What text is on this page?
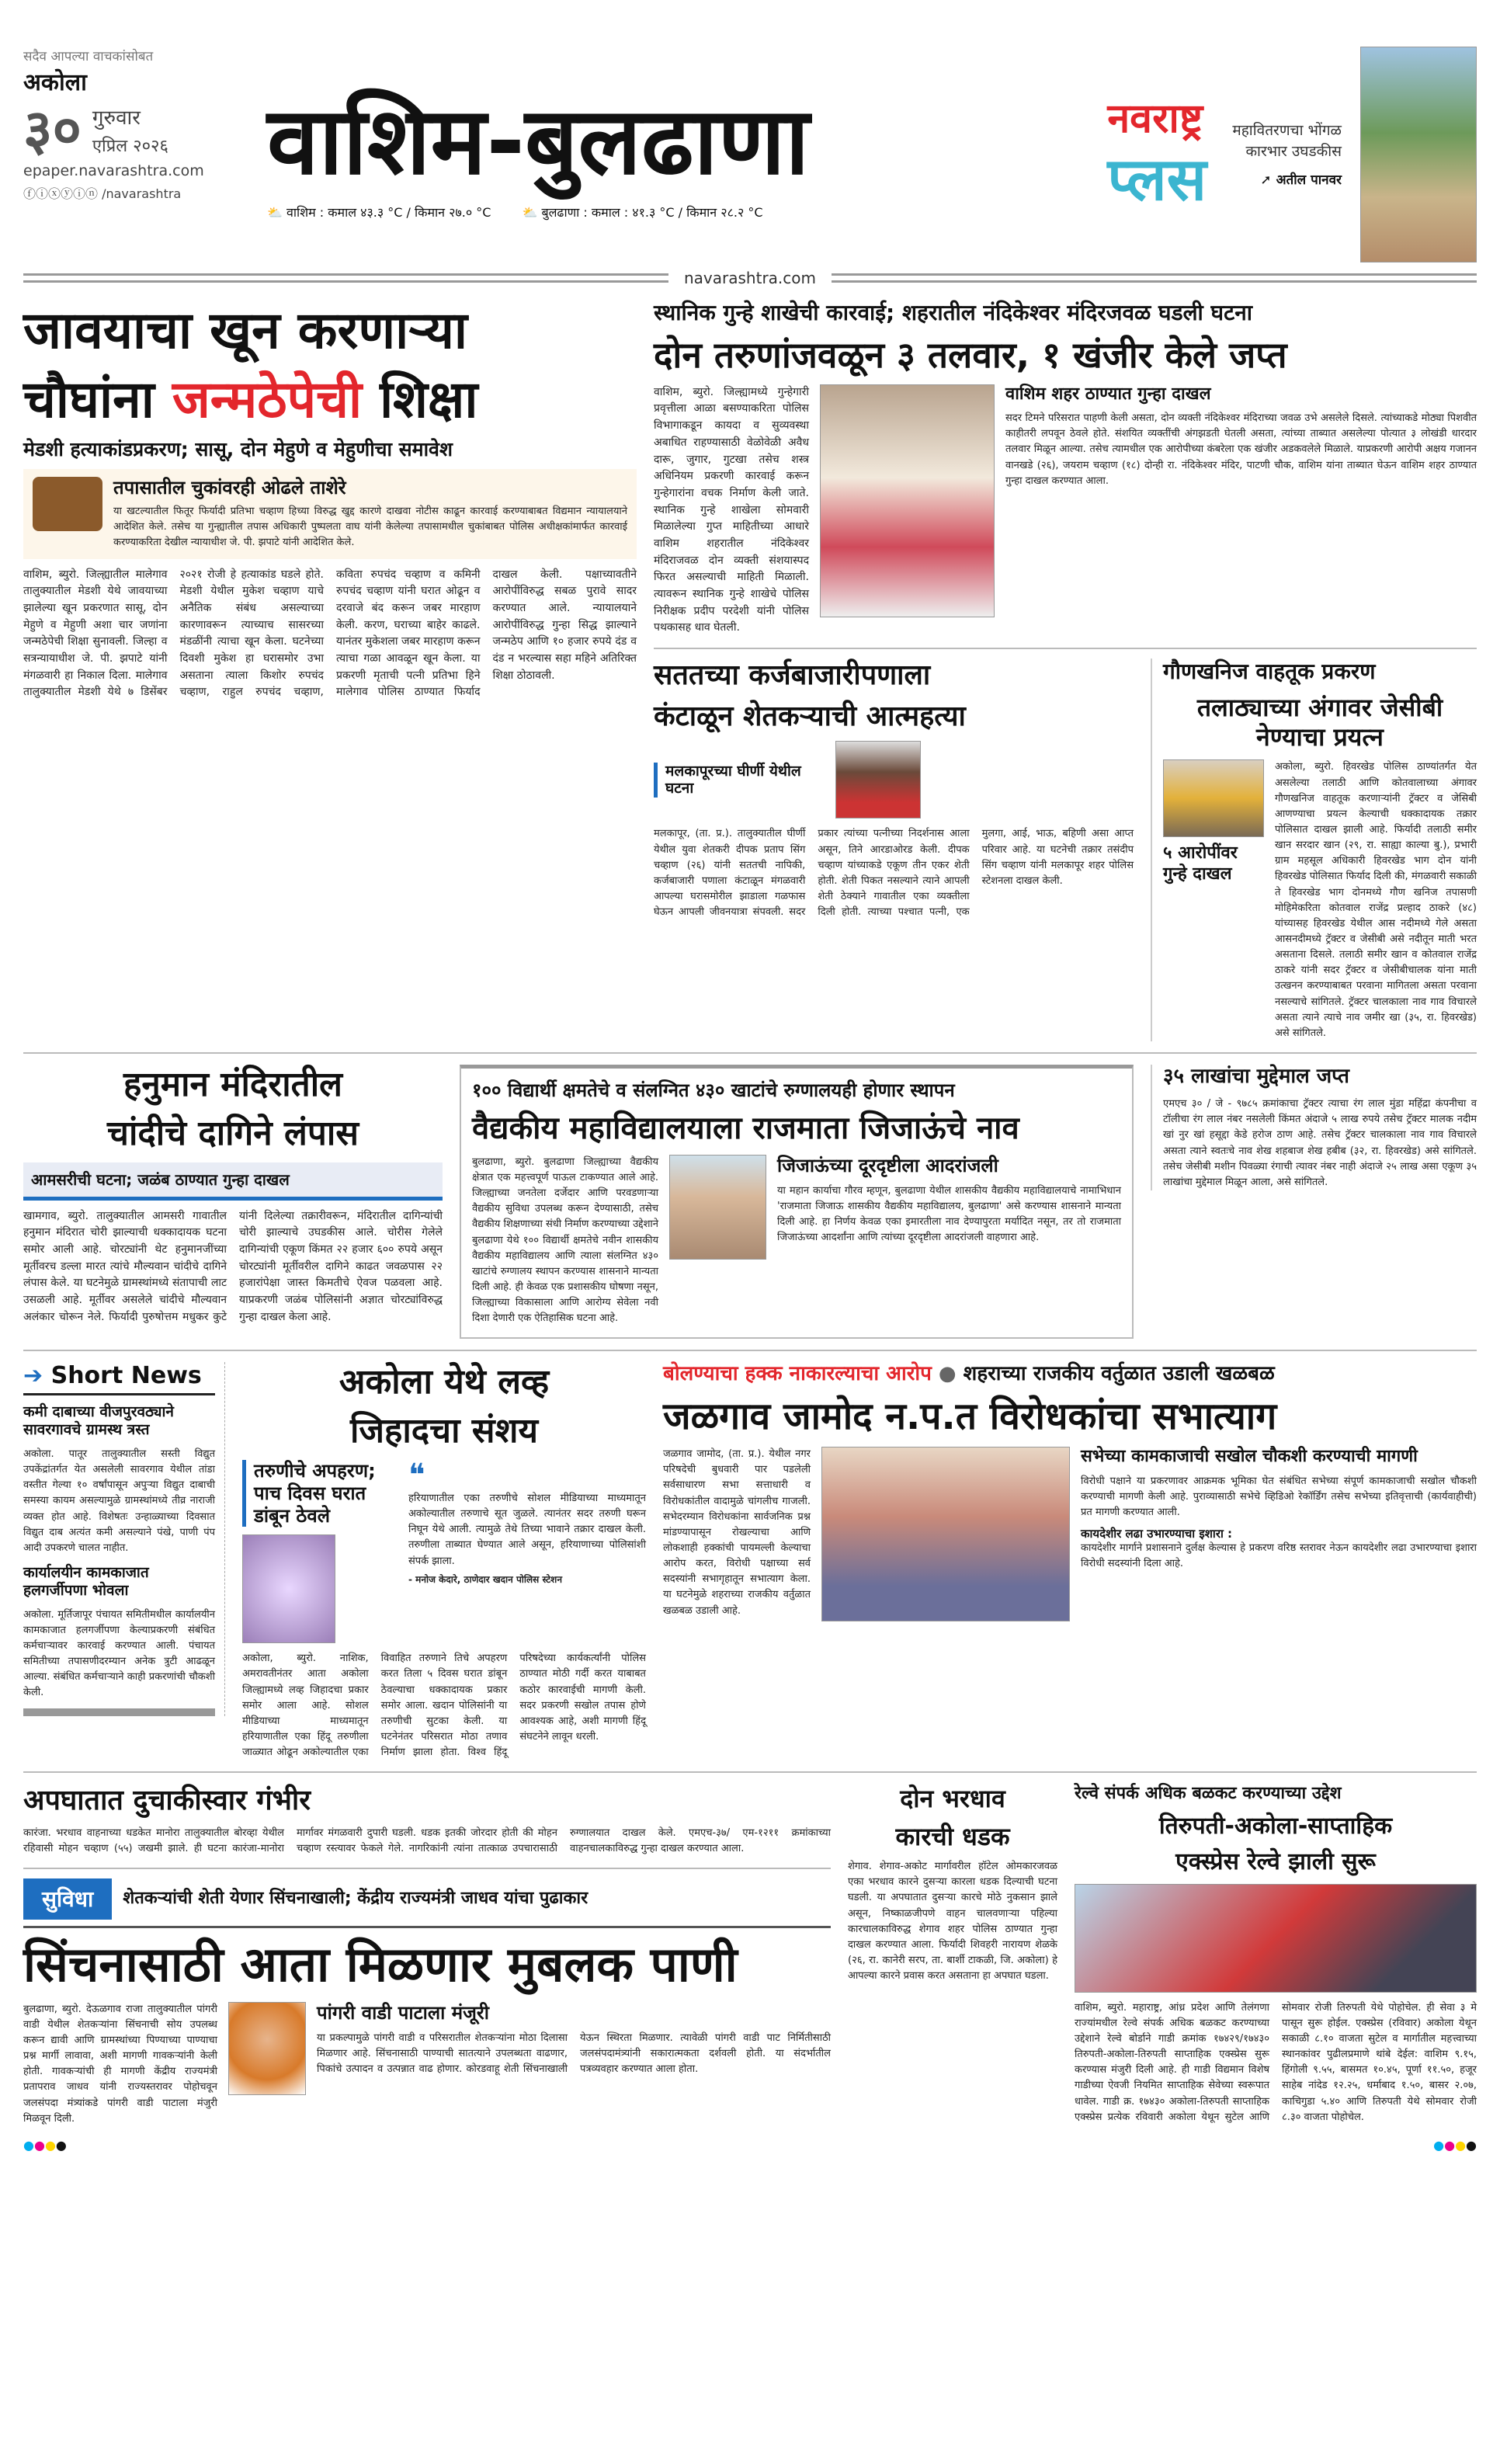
सदैव आपल्या वाचकांसोबत
अकोला
३० गुरुवार
एप्रिल २०२६
epaper.navarashtra.com
ⓕⓘⓧⓨⓘⓝ /navarashtra वाशिम-बुलढाणा
⛅ वाशिम : कमाल ४३.३ °C / किमान २७.० °C	⛅ बुलढाणा : कमाल : ४१.३ °C / किमान २८.२ °C
नवराष्ट्र
प्लस
महावितरणचा भोंगळ कारभार उघडकीस
➚ अतील पानवर
navarashtra.com
जावयाचा खून करणाऱ्या
चौघांना जन्मठेपेची शिक्षा
मेडशी हत्याकांडप्रकरण; सासू, दोन मेहुणे व मेहुणीचा समावेश
तपासातील चुकांवरही ओढले ताशेरे
या खटल्यातील फितूर फिर्यादी प्रतिभा चव्हाण हिच्या विरुद्ध खुद्द कारणे दाखवा नोटीस काढून कारवाई करण्याबाबत विद्यमान न्यायालयाने आदेशित केले. तसेच या गुन्ह्यातील तपास अधिकारी पुष्पलता वाघ यांनी केलेल्या तपासामधील चुकांबाबत पोलिस अधीक्षकांमार्फत कारवाई करण्याकरिता देखील न्यायाधीश जे. पी. झपाटे यांनी आदेशित केले.
वाशिम, ब्युरो. जिल्ह्यातील मालेगाव तालुक्यातील मेडशी येथे जावयाच्या झालेल्या खून प्रकरणात सासू, दोन मेहुणे व मेहुणी अशा चार जणांना जन्मठेपेची शिक्षा सुनावली. जिल्हा व सत्रन्यायाधीश जे. पी. झपाटे यांनी मंगळवारी हा निकाल दिला. मालेगाव तालुक्यातील मेडशी येथे ७ डिसेंबर २०२१ रोजी हे हत्याकांड घडले होते. मेडशी येथील मुकेश चव्हाण याचे अनैतिक संबंध असल्याच्या कारणावरून त्याच्याच सासरच्या मंडळींनी त्याचा खून केला. घटनेच्या दिवशी मुकेश हा घरासमोर उभा असताना त्याला किशोर रुपचंद चव्हाण, राहुल रुपचंद चव्हाण, कविता रुपचंद चव्हाण व कमिनी रुपचंद चव्हाण यांनी घरात ओढून व दरवाजे बंद करून जबर मारहाण केली. करण, घराच्या बाहेर काढले. यानंतर मुकेशला जबर मारहाण करून त्याचा गळा आवळून खून केला. या प्रकरणी मृताची पत्नी प्रतिभा हिने मालेगाव पोलिस ठाण्यात फिर्याद दाखल केली. पक्षाच्यावतीने आरोपींविरुद्ध सबळ पुरावे सादर करण्यात आले. न्यायालयाने आरोपींविरुद्ध गुन्हा सिद्ध झाल्याने जन्मठेप आणि १० हजार रुपये दंड व दंड न भरल्यास सहा महिने अतिरिक्त शिक्षा ठोठावली.
स्थानिक गुन्हे शाखेची कारवाई; शहरातील नंदिकेश्वर मंदिरजवळ घडली घटना
दोन तरुणांजवळून ३ तलवार, १ खंजीर केले जप्त
वाशिम, ब्युरो. जिल्ह्यामध्ये गुन्हेगारी प्रवृत्तीला आळा बसण्याकरिता पोलिस विभागाकडून कायदा व सुव्यवस्था अबाधित राहण्यासाठी वेळोवेळी अवैध दारू, जुगार, गुटखा तसेच शस्त्र अधिनियम प्रकरणी कारवाई करून गुन्हेगारांना वचक निर्माण केली जाते. स्थानिक गुन्हे शाखेला सोमवारी मिळालेल्या गुप्त माहितीच्या आधारे वाशिम शहरातील नंदिकेश्वर मंदिराजवळ दोन व्यक्ती संशयास्पद फिरत असल्याची माहिती मिळाली. त्यावरून स्थानिक गुन्हे शाखेचे पोलिस निरीक्षक प्रदीप परदेशी यांनी पोलिस पथकासह धाव घेतली.
वाशिम शहर ठाण्यात गुन्हा दाखल
सदर टिमने परिसरात पाहणी केली असता, दोन व्यक्ती नंदिकेश्वर मंदिराच्या जवळ उभे असलेले दिसले. त्यांच्याकडे मोठ्या पिशवीत काहीतरी लपवून ठेवले होते. संशयित व्यक्तींची अंगझडती घेतली असता, त्यांच्या ताब्यात असलेल्या पोत्यात ३ लोखंडी धारदार तलवार मिळून आल्या. तसेच त्यामधील एक आरोपीच्या कंबरेला एक खंजीर अडकवलेले मिळाले. याप्रकरणी आरोपी अक्षय गजानन वानखडे (२६), जयराम चव्हाण (१८) दोन्ही रा. नंदिकेश्वर मंदिर, पाटणी चौक, वाशिम यांना ताब्यात घेऊन वाशिम शहर ठाण्यात गुन्हा दाखल करण्यात आला.
सततच्या कर्जबाजारीपणाला
कंटाळून शेतकऱ्याची आत्महत्या
मलकापूरच्या घीर्णी येथील घटना
मलकापूर, (ता. प्र.). तालुक्यातील घीर्णी येथील युवा शेतकरी दीपक प्रताप सिंग चव्हाण (२६) यांनी सततची नापिकी, कर्जबाजारी पणाला कंटाळून मंगळवारी आपल्या घरासमोरील झाडाला गळफास घेऊन आपली जीवनयात्रा संपवली. सदर प्रकार त्यांच्या पत्नीच्या निदर्शनास आला असून, तिने आरडाओरड केली. दीपक चव्हाण यांच्याकडे एकूण तीन एकर शेती होती. शेती पिकत नसल्याने त्याने आपली शेती ठेक्याने गावातील एका व्यक्तीला दिली होती. त्याच्या पश्चात पत्नी, एक मुलगा, आई, भाऊ, बहिणी असा आप्त परिवार आहे. या घटनेची तक्रार तसंदीप सिंग चव्हाण यांनी मलकापूर शहर पोलिस स्टेशनला दाखल केली.
गौणखनिज वाहतूक प्रकरण
तलाठ्याच्या अंगावर जेसीबी नेण्याचा प्रयत्न
५ आरोपींवर गुन्हे दाखल
अकोला, ब्युरो. हिवरखेड पोलिस ठाण्यांतर्गत येत असलेल्या तलाठी आणि कोतवालाच्या अंगावर गौणखनिज वाहतूक करणाऱ्यांनी ट्रॅक्टर व जेसिबी आणण्याचा प्रयत्न केल्याची धक्कादायक तक्रार पोलिसात दाखल झाली आहे. फिर्यादी तलाठी समीर खान सरदार खान (२९, रा. साह्या काल्या बु.), प्रभारी ग्राम महसूल अधिकारी हिवरखेड भाग दोन यांनी हिवरखेड पोलिसात फिर्याद दिली की, मंगळवारी सकाळी ते हिवरखेड भाग दोनमध्ये गौण खनिज तपासणी मोहिमेकरिता कोतवाल राजेंद्र प्रल्हाद ठाकरे (४८) यांच्यासह हिवरखेड येथील आस नदीमध्ये गेले असता आसनदीमध्ये ट्रॅक्टर व जेसीबी असे नदीतून माती भरत असताना दिसले. तलाठी समीर खान व कोतवाल राजेंद्र ठाकरे यांनी सदर ट्रॅक्टर व जेसीबीचालक यांना माती उत्खनन करण्याबाबत परवाना मागितला असता परवाना नसल्याचे सांगितले. ट्रॅक्टर चालकाला नाव गाव विचारले असता त्याने त्याचे नाव जमीर खा (३५, रा. हिवरखेड) असे सांगितले.
हनुमान मंदिरातील
चांदीचे दागिने लंपास
आमसरीची घटना; जळंब ठाण्यात गुन्हा दाखल
खामगाव, ब्युरो. तालुक्यातील आमसरी गावातील हनुमान मंदिरात चोरी झाल्याची धक्कादायक घटना समोर आली आहे. चोरट्यांनी थेट हनुमानजींच्या मूर्तीवरच डल्ला मारत त्यांचे मौल्यवान चांदीचे दागिने लंपास केले. या घटनेमुळे ग्रामस्थांमध्ये संतापाची लाट उसळली आहे. मूर्तीवर असलेले चांदीचे मौल्यवान अलंकार चोरून नेले. फिर्यादी पुरुषोत्तम मधुकर कुटे यांनी दिलेल्या तक्रारीवरून, मंदिरातील दागिन्यांची चोरी झाल्याचे उघडकीस आले. चोरीस गेलेले दागिन्यांची एकूण किंमत २२ हजार ६०० रुपये असून चोरट्यांनी मूर्तीवरील दागिने काढत जवळपास २२ हजारांपेक्षा जास्त किमतीचे ऐवज पळवला आहे. याप्रकरणी जळंब पोलिसांनी अज्ञात चोरट्यांविरुद्ध गुन्हा दाखल केला आहे.
१०० विद्यार्थी क्षमतेचे व संलग्नित ४३० खाटांचे रुग्णालयही होणार स्थापन
वैद्यकीय महाविद्यालयाला राजमाता जिजाऊंचे नाव
बुलढाणा, ब्युरो. बुलढाणा जिल्ह्याच्या वैद्यकीय क्षेत्रात एक महत्त्वपूर्ण पाऊल टाकण्यात आले आहे. जिल्ह्याच्या जनतेला दर्जेदार आणि परवडणाऱ्या वैद्यकीय सुविधा उपलब्ध करून देण्यासाठी, तसेच वैद्यकीय शिक्षणाच्या संधी निर्माण करण्याच्या उद्देशाने बुलढाणा येथे १०० विद्यार्थी क्षमतेचे नवीन शासकीय वैद्यकीय महाविद्यालय आणि त्याला संलग्नित ४३० खाटांचे रुग्णालय स्थापन करण्यास शासनाने मान्यता दिली आहे. ही केवळ एक प्रशासकीय घोषणा नसून, जिल्ह्याच्या विकासाला आणि आरोग्य सेवेला नवी दिशा देणारी एक ऐतिहासिक घटना आहे.
जिजाऊंच्या दूरदृष्टीला आदरांजली
या महान कार्याचा गौरव म्हणून, बुलढाणा येथील शासकीय वैद्यकीय महाविद्यालयाचे नामाभिधान 'राजमाता जिजाऊ शासकीय वैद्यकीय महाविद्यालय, बुलढाणा' असे करण्यास शासनाने मान्यता दिली आहे. हा निर्णय केवळ एका इमारतीला नाव देण्यापुरता मर्यादित नसून, तर तो राजमाता जिजाऊंच्या आदर्शांना आणि त्यांच्या दूरदृष्टीला आदरांजली वाहणारा आहे.
३५ लाखांचा मुद्देमाल जप्त
एमएच ३० / जे - ९७८५ क्रमांकाचा ट्रॅक्टर त्याचा रंग लाल मुंडा महिंद्रा कंपनीचा व टॉलीचा रंग लाल नंबर नसलेली किंमत अंदाजे ५ लाख रुपये तसेच ट्रॅक्टर मालक नदीम खां नुर खां हसूद्दा केडे हरोज ठाण आहे. तसेच ट्रॅक्टर चालकाला नाव गाव विचारले असता त्याने स्वतःचे नाव शेख शहबाज शेख हबीब (३२, रा. हिवरखेड) असे सांगितले. तसेच जेसीबी मशीन पिवळ्या रंगाची त्यावर नंबर नाही अंदाजे २५ लाख असा एकूण ३५ लाखांचा मुद्देमाल मिळून आला, असे सांगितले.
➔ Short News
कमी दाबाच्या वीजपुरवठ्याने सावरगावचे ग्रामस्थ त्रस्त
अकोला. पातूर तालुक्यातील सस्ती विद्युत उपकेंद्रांतर्गत येत असलेली सावरगाव येथील तांडा वस्तीत गेल्या १० वर्षांपासून अपुऱ्या विद्युत दाबाची समस्या कायम असल्यामुळे ग्रामस्थांमध्ये तीव्र नाराजी व्यक्त होत आहे. विशेषतः उन्हाळ्याच्या दिवसात विद्युत दाब अत्यंत कमी असल्याने पंखे, पाणी पंप आदी उपकरणे चालत नाहीत.
कार्यालयीन कामकाजात हलगर्जीपणा भोवला
अकोला. मूर्तिजापूर पंचायत समितीमधील कार्यालयीन कामकाजात हलगर्जीपणा केल्याप्रकरणी संबंधित कर्मचाऱ्यावर कारवाई करण्यात आली. पंचायत समितीच्या तपासणीदरम्यान अनेक त्रुटी आढळून आल्या. संबंधित कर्मचाऱ्याने काही प्रकरणांची चौकशी केली.
अकोला येथे लव्ह
जिहादचा संशय
तरुणीचे अपहरण; पाच दिवस घरात डांबून ठेवले
❝
हरियाणातील एका तरुणीचे सोशल मीडियाच्या माध्यमातून अकोल्यातील तरुणाचे सूत जुळले. त्यानंतर सदर तरुणी घरून निघून येथे आली. त्यामुळे तेथे तिच्या भावाने तक्रार दाखल केली. तरुणीला ताब्यात घेण्यात आले असून, हरियाणाच्या पोलिसांशी संपर्क झाला.
- मनोज केदारे, ठाणेदार खदान पोलिस स्टेशन
अकोला, ब्युरो. नाशिक, अमरावतीनंतर आता अकोला जिल्ह्यामध्ये लव्ह जिहादचा प्रकार समोर आला आहे. सोशल मीडियाच्या माध्यमातून हरियाणातील एका हिंदू तरुणीला जाळ्यात ओढून अकोल्यातील एका विवाहित तरुणाने तिचे अपहरण करत तिला ५ दिवस घरात डांबून ठेवल्याचा धक्कादायक प्रकार समोर आला. खदान पोलिसांनी या तरुणीची सुटका केली. या घटनेनंतर परिसरात मोठा तणाव निर्माण झाला होता. विश्व हिंदू परिषदेच्या कार्यकर्त्यांनी पोलिस ठाण्यात मोठी गर्दी करत याबाबत कठोर कारवाईची मागणी केली. सदर प्रकरणी सखोल तपास होणे आवश्यक आहे, अशी मागणी हिंदू संघटनेने लावून धरली.
बोलण्याचा हक्क नाकारल्याचा आरोप ● शहराच्या राजकीय वर्तुळात उडाली खळबळ
जळगाव जामोद न.प.त विरोधकांचा सभात्याग
जळगाव जामोद, (ता. प्र.). येथील नगर परिषदेची बुधवारी पार पडलेली सर्वसाधारण सभा सत्ताधारी व विरोधकांतील वादामुळे चांगलीच गाजली. सभेदरम्यान विरोधकांना सार्वजनिक प्रश्न मांडण्यापासून रोखल्याचा आणि लोकशाही हक्कांची पायमल्ली केल्याचा आरोप करत, विरोधी पक्षाच्या सर्व सदस्यांनी सभागृहातून सभात्याग केला. या घटनेमुळे शहराच्या राजकीय वर्तुळात खळबळ उडाली आहे.
सभेच्या कामकाजाची सखोल चौकशी करण्याची मागणी
विरोधी पक्षाने या प्रकरणावर आक्रमक भूमिका घेत संबंधित सभेच्या संपूर्ण कामकाजाची सखोल चौकशी करण्याची मागणी केली आहे. पुराव्यासाठी सभेचे व्हिडिओ रेकॉर्डिंग तसेच सभेच्या इतिवृत्ताची (कार्यवाहीची) प्रत मागणी करण्यात आली.
कायदेशीर लढा उभारण्याचा इशारा :
कायदेशीर मार्गाने प्रशासनाने दुर्लक्ष केल्यास हे प्रकरण वरिष्ठ स्तरावर नेऊन कायदेशीर लढा उभारण्याचा इशारा विरोधी सदस्यांनी दिला आहे.
अपघातात दुचाकीस्वार गंभीर
कारंजा. भरधाव वाहनाच्या धडकेत मानोरा तालुक्यातील बोरव्हा येथील रहिवासी मोहन चव्हाण (५५) जखमी झाले. ही घटना कारंजा-मानोरा मार्गावर मंगळवारी दुपारी घडली. धडक इतकी जोरदार होती की मोहन चव्हाण रस्त्यावर फेकले गेले. नागरिकांनी त्यांना तात्काळ उपचारासाठी रुग्णालयात दाखल केले. एमएच-३७/ एम-१२११ क्रमांकाच्या वाहनचालकाविरुद्ध गुन्हा दाखल करण्यात आला.
सुविधा	शेतकऱ्यांची शेती येणार सिंचनाखाली; केंद्रीय राज्यमंत्री जाधव यांचा पुढाकार
सिंचनासाठी आता मिळणार मुबलक पाणी
बुलढाणा, ब्युरो. देऊळगाव राजा तालुक्यातील पांगरी वाडी येथील शेतकऱ्यांना सिंचनाची सोय उपलब्ध करून द्यावी आणि ग्रामस्थांच्या पिण्याच्या पाण्याचा प्रश्न मार्गी लावावा, अशी मागणी गावकऱ्यांनी केली होती. गावकऱ्यांची ही मागणी केंद्रीय राज्यमंत्री प्रतापराव जाधव यांनी राज्यस्तरावर पोहोचवून जलसंपदा मंत्र्यांकडे पांगरी वाडी पाटाला मंजुरी मिळवून दिली.
पांगरी वाडी पाटाला मंजूरी
या प्रकल्पामुळे पांगरी वाडी व परिसरातील शेतकऱ्यांना मोठा दिलासा मिळणार आहे. सिंचनासाठी पाण्याची सातत्याने उपलब्धता वाढणार, पिकांचे उत्पादन व उत्पन्नात वाढ होणार. कोरडवाहू शेती सिंचनाखाली येऊन स्थिरता मिळणार. त्यावेळी पांगरी वाडी पाट निर्मितीसाठी जलसंपदामंत्र्यांनी सकारात्मकता दर्शवली होती. या संदर्भातील पत्रव्यवहार करण्यात आला होता.
दोन भरधाव
कारची धडक
शेगाव. शेगाव-अकोट मार्गावरील हॉटेल ओमकारजवळ एका भरधाव कारने दुसऱ्या कारला धडक दिल्याची घटना घडली. या अपघातात दुसऱ्या कारचे मोठे नुकसान झाले असून, निष्काळजीपणे वाहन चालवणाऱ्या पहिल्या कारचालकाविरुद्ध शेगाव शहर पोलिस ठाण्यात गुन्हा दाखल करण्यात आला. फिर्यादी शिवहरी नारायण शेळके (२६, रा. कानेरी सरप, ता. बार्शी टाकळी, जि. अकोला) हे आपल्या कारने प्रवास करत असताना हा अपघात घडला.
रेल्वे संपर्क अधिक बळकट करण्याच्या उद्देश
तिरुपती-अकोला-साप्ताहिक
एक्स्प्रेस रेल्वे झाली सुरू
वाशिम, ब्युरो. महाराष्ट्र, आंध्र प्रदेश आणि तेलंगणा राज्यांमधील रेल्वे संपर्क अधिक बळकट करण्याच्या उद्देशाने रेल्वे बोर्डाने गाडी क्रमांक १७४२९/१७४३० तिरुपती-अकोला-तिरुपती साप्ताहिक एक्स्प्रेस सुरू करण्यास मंजुरी दिली आहे. ही गाडी विद्यमान विशेष गाडीच्या ऐवजी नियमित साप्ताहिक सेवेच्या स्वरूपात धावेल. गाडी क्र. १७४३० अकोला-तिरुपती साप्ताहिक एक्स्प्रेस प्रत्येक रविवारी अकोला येथून सुटेल आणि सोमवार रोजी तिरुपती येथे पोहोचेल. ही सेवा ३ मे पासून सुरू होईल. एक्स्प्रेस (रविवार) अकोला येथून सकाळी ८.१० वाजता सुटेल व मार्गातील महत्त्वाच्या स्थानकांवर पुढीलप्रमाणे थांबे देईल: वाशिम ९.१५, हिंगोली ९.५५, बासमत १०.४५, पूर्णा ११.५०, हजूर साहेब नांदेड १२.२५, धर्माबाद १.५०, बासर २.०७, काचिगुडा ५.४० आणि तिरुपती येथे सोमवार रोजी ८.३० वाजता पोहोचेल.
●●●●	●●●●
